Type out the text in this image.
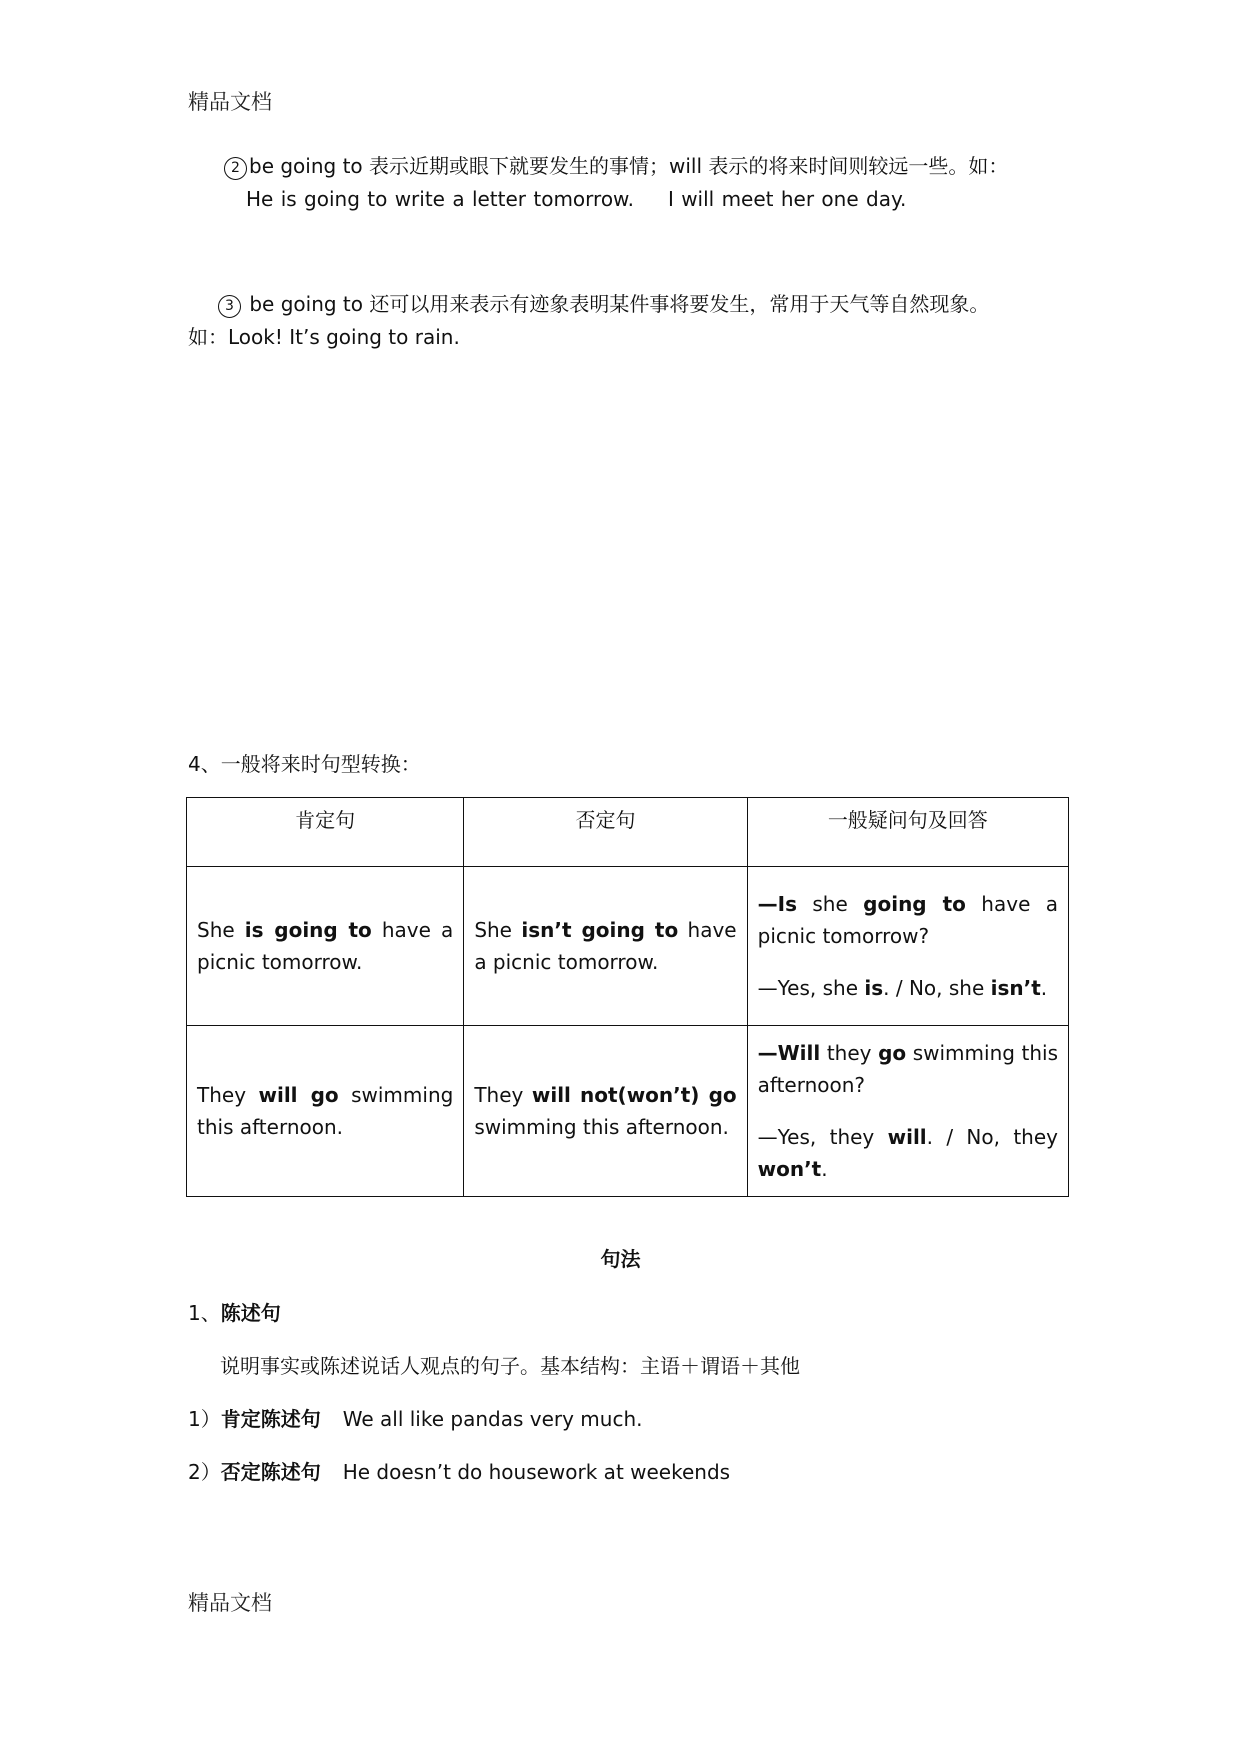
精品文档
2 be going to 表示近期或眼下就要发生的事情；will 表示的将来时间则较远一些。如：
He is going to write a letter tomorrow. I will meet her one day.
3 be going to 还可以用来表示有迹象表明某件事将要发生，常用于天气等自然现象。
如：Look! It’s going to rain.
4、一般将来时句型转换：
肯定句	否定句	一般疑问句及回答
She is going to have a picnic tomorrow.	She isn’t going to have a picnic tomorrow.	—Is she going to have a picnic tomorrow?

—Yes, she is. / No, she isn’t.

They will go swimming this afternoon.	They will not(won’t) go swimming this afternoon.	—Will they go swimming this afternoon?

—Yes, they will. / No, they won’t.

句法
1、陈述句
说明事实或陈述说话人观点的句子。基本结构：主语＋谓语＋其他
1）肯定陈述句 We all like pandas very much.
2）否定陈述句 He doesn’t do housework at weekends
精品文档
